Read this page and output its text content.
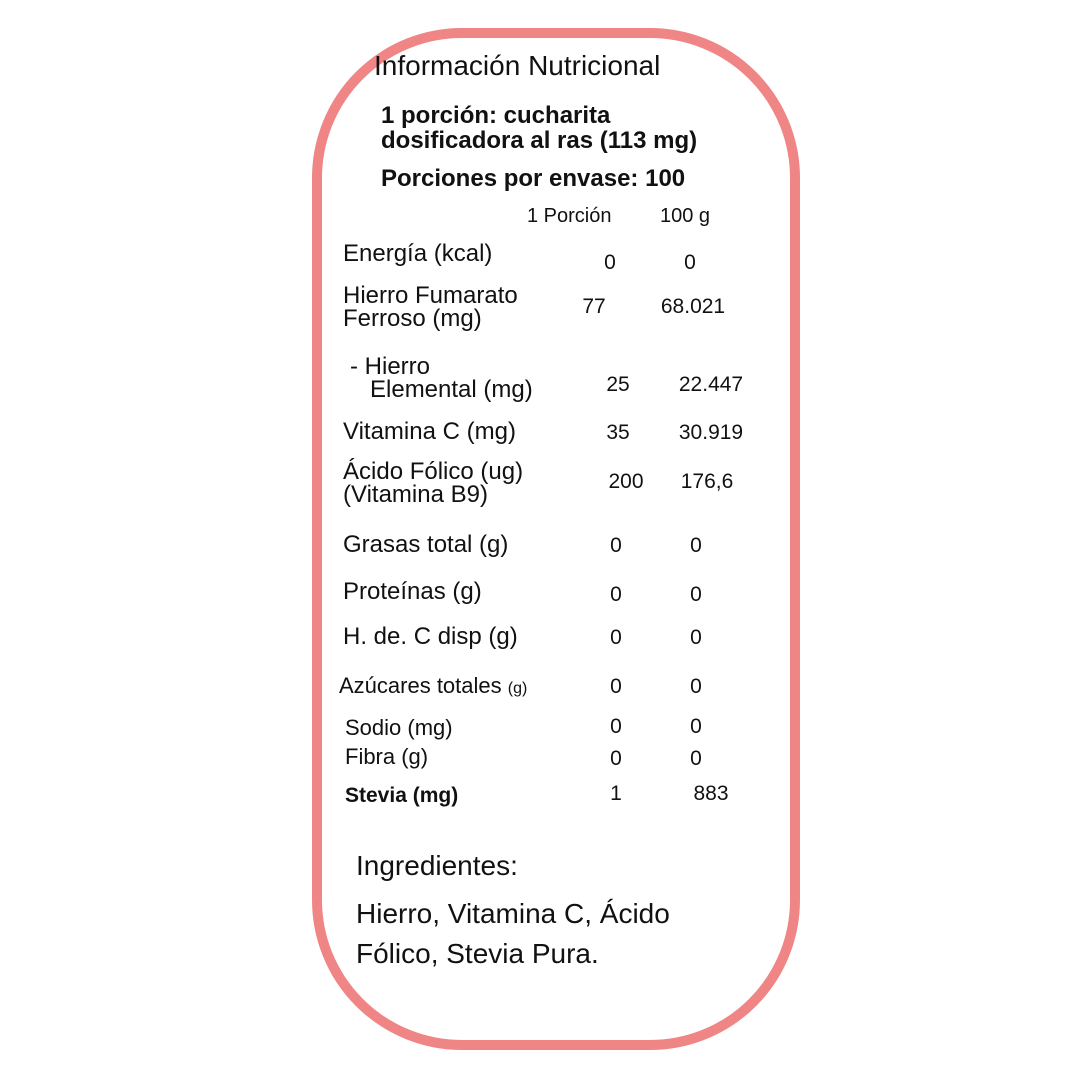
Información Nutricional
1 porción: cucharita
dosificadora al ras (113 mg)
Porciones por envase: 100
1 Porción 100 g
Energía (kcal)	0	0
Hierro Fumarato
Ferroso (mg)	77	68.021
- Hierro
Elemental (mg)	25	22.447
Vitamina C (mg)	35	30.919
Ácido Fólico (ug)
(Vitamina B9)	200	176,6
Grasas total (g)	0	0
Proteínas (g)	0	0
H. de. C disp (g)	0	0
Azúcares totales (g)	0	0
Sodio (mg)	0	0
Fibra (g)	0	0
Stevia (mg)	1	883
Ingredientes:
Hierro, Vitamina C, Ácido
Fólico, Stevia Pura.
